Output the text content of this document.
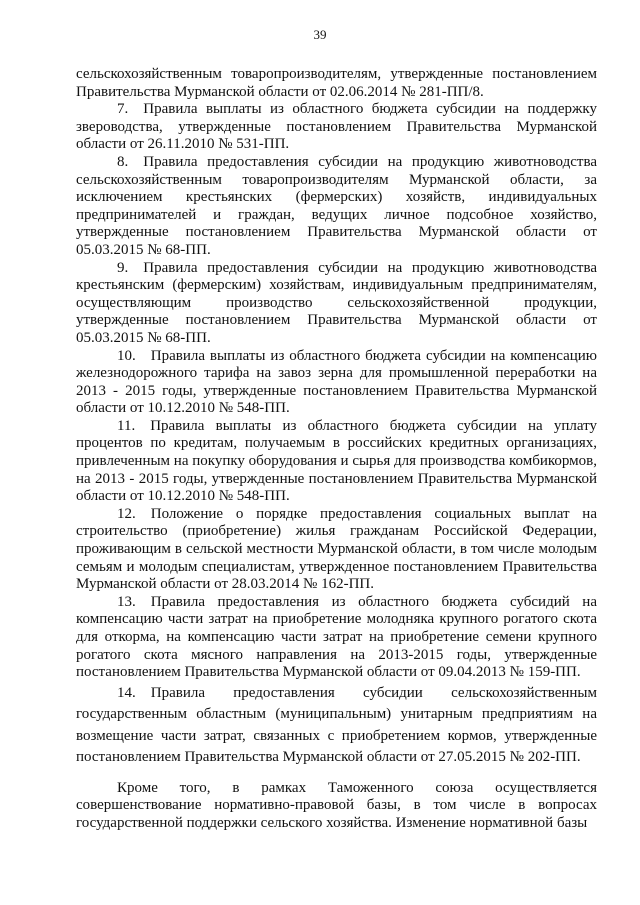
39

сельскохозяйственным товаропроизводителям, утвержденные постановлением Правительства Мурманской области от 02.06.2014 № 281-ПП/8.

7. Правила выплаты из областного бюджета субсидии на поддержку звероводства, утвержденные постановлением Правительства Мурманской области от 26.11.2010 № 531-ПП.

8. Правила предоставления субсидии на продукцию животноводства сельскохозяйственным товаропроизводителям Мурманской области, за исключением крестьянских (фермерских) хозяйств, индивидуальных предпринимателей и граждан, ведущих личное подсобное хозяйство, утвержденные постановлением Правительства Мурманской области от 05.03.2015 № 68-ПП.

9. Правила предоставления субсидии на продукцию животноводства крестьянским (фермерским) хозяйствам, индивидуальным предпринимателям, осуществляющим производство сельскохозяйственной продукции, утвержденные постановлением Правительства Мурманской области от 05.03.2015 № 68-ПП.

10. Правила выплаты из областного бюджета субсидии на компенсацию железнодорожного тарифа на завоз зерна для промышленной переработки на 2013 - 2015 годы, утвержденные постановлением Правительства Мурманской области от 10.12.2010 № 548-ПП.

11. Правила выплаты из областного бюджета субсидии на уплату процентов по кредитам, получаемым в российских кредитных организациях, привлеченным на покупку оборудования и сырья для производства комбикормов, на 2013 - 2015 годы, утвержденные постановлением Правительства Мурманской области от 10.12.2010 № 548-ПП.

12. Положение о порядке предоставления социальных выплат на строительство (приобретение) жилья гражданам Российской Федерации, проживающим в сельской местности Мурманской области, в том числе молодым семьям и молодым специалистам, утвержденное постановлением Правительства Мурманской области от 28.03.2014 № 162-ПП.

13. Правила предоставления из областного бюджета субсидий на компенсацию части затрат на приобретение молодняка крупного рогатого скота для откорма, на компенсацию части затрат на приобретение семени крупного рогатого скота мясного направления на 2013-2015 годы, утвержденные постановлением Правительства Мурманской области от 09.04.2013 № 159-ПП.

14. Правила предоставления субсидии сельскохозяйственным государственным областным (муниципальным) унитарным предприятиям на возмещение части затрат, связанных с приобретением кормов, утвержденные постановлением Правительства Мурманской области от 27.05.2015 № 202-ПП.

Кроме того, в рамках Таможенного союза осуществляется совершенствование нормативно-правовой базы, в том числе в вопросах государственной поддержки сельского хозяйства. Изменение нормативной базы
